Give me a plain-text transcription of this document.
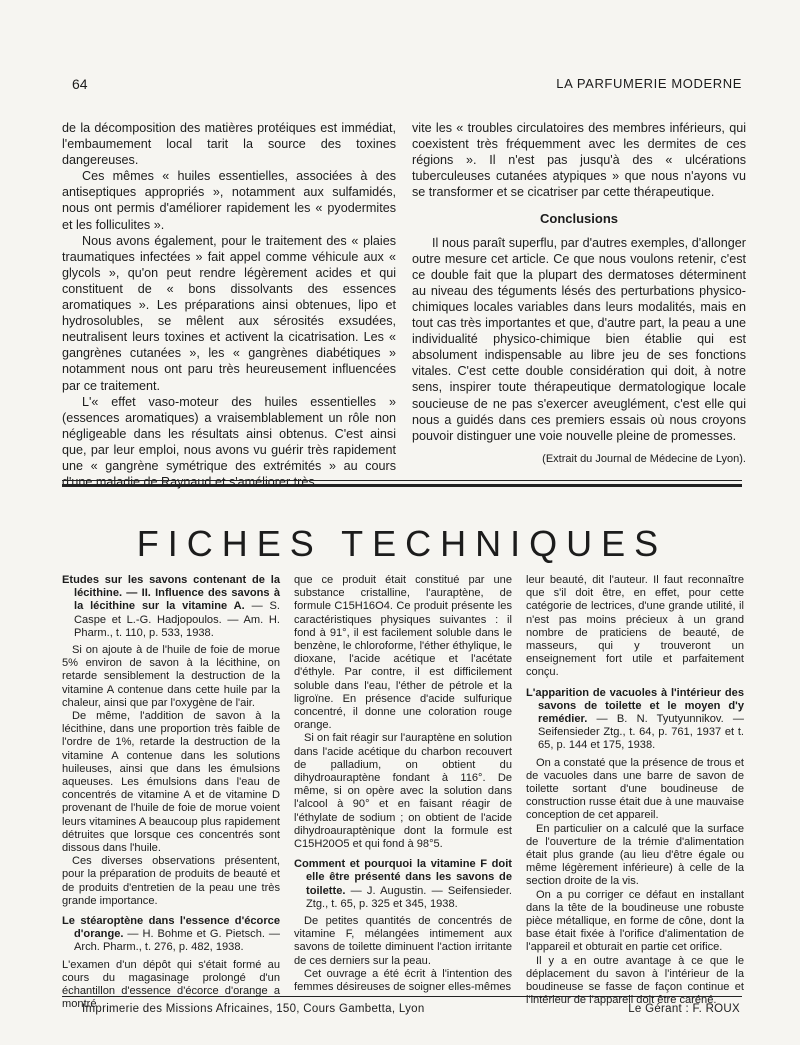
64	LA PARFUMERIE MODERNE

de la décomposition des matières protéiques est immédiat, l'embaumement local tarit la source des toxines dangereuses.

Ces mêmes « huiles essentielles, associées à des antiseptiques appropriés », notamment aux sulfamidés, nous ont permis d'améliorer rapidement les « pyodermites et les folliculites ».

Nous avons également, pour le traitement des « plaies traumatiques infectées » fait appel comme véhicule aux « glycols », qu'on peut rendre légèrement acides et qui constituent de « bons dissolvants des essences aromatiques ». Les préparations ainsi obtenues, lipo et hydrosolubles, se mêlent aux sérosités exsudées, neutralisent leurs toxines et activent la cicatrisation. Les « gangrènes cutanées », les « gangrènes diabétiques » notamment nous ont paru très heureusement influencées par ce traitement.

L'« effet vaso-moteur des huiles essentielles » (essences aromatiques) a vraisemblablement un rôle non négligeable dans les résultats ainsi obtenus. C'est ainsi que, par leur emploi, nous avons vu guérir très rapidement une « gangrène symétrique des extrémités » au cours d'une maladie de Raynaud et s'améliorer très

vite les « troubles circulatoires des membres inférieurs, qui coexistent très fréquemment avec les dermites de ces régions ». Il n'est pas jusqu'à des « ulcérations tuberculeuses cutanées atypiques » que nous n'ayons vu se transformer et se cicatriser par cette thérapeutique.

Conclusions

Il nous paraît superflu, par d'autres exemples, d'allonger outre mesure cet article. Ce que nous voulons retenir, c'est ce double fait que la plupart des dermatoses déterminent au niveau des téguments lésés des perturbations physico-chimiques locales variables dans leurs modalités, mais en tout cas très importantes et que, d'autre part, la peau a une individualité physico-chimique bien établie qui est absolument indispensable au libre jeu de ses fonctions vitales. C'est cette double considération qui doit, à notre sens, inspirer toute thérapeutique dermatologique locale soucieuse de ne pas s'exercer aveuglément, c'est elle qui nous a guidés dans ces premiers essais où nous croyons pouvoir distinguer une voie nouvelle pleine de promesses.

(Extrait du Journal de Médecine de Lyon).

FICHES TECHNIQUES
Etudes sur les savons contenant de la lécithine. — II. Influence des savons à la lécithine sur la vitamine A. — S. Caspe et L.-G. Hadjopoulos. — Am. H. Pharm., t. 110, p. 533, 1938.

Si on ajoute à de l'huile de foie de morue 5% environ de savon à la lécithine, on retarde sensiblement la destruction de la vitamine A contenue dans cette huile par la chaleur, ainsi que par l'oxygène de l'air.

De même, l'addition de savon à la lécithine, dans une proportion très faible de l'ordre de 1%, retarde la destruction de la vitamine A contenue dans les solutions huileuses, ainsi que dans les émulsions aqueuses. Les émulsions dans l'eau de concentrés de vitamine A et de vitamine D provenant de l'huile de foie de morue voient leurs vitamines A beaucoup plus rapidement détruites que lorsque ces concentrés sont dissous dans l'huile.

Ces diverses observations présentent, pour la préparation de produits de beauté et de produits d'entretien de la peau une très grande importance.

Le stéaroptène dans l'essence d'écorce d'orange. — H. Bohme et G. Pietsch. — Arch. Pharm., t. 276, p. 482, 1938.

L'examen d'un dépôt qui s'était formé au cours du magasinage prolongé d'un échantillon d'essence d'écorce d'orange a montré

que ce produit était constitué par une substance cristalline, l'auraptène, de formule C15H16O4. Ce produit présente les caractéristiques physiques suivantes : il fond à 91°, il est facilement soluble dans le benzène, le chloroforme, l'éther éthylique, le dioxane, l'acide acétique et l'acétate d'éthyle. Par contre, il est difficilement soluble dans l'eau, l'éther de pétrole et la ligroïne. En présence d'acide sulfurique concentré, il donne une coloration rouge orange.

Si on fait réagir sur l'auraptène en solution dans l'acide acétique du charbon recouvert de palladium, on obtient du dihydroauraptène fondant à 116°. De même, si on opère avec la solution dans l'alcool à 90° et en faisant réagir de l'éthylate de sodium ; on obtient de l'acide dihydroauraptènique dont la formule est C15H20O5 et qui fond à 98°5.

Comment et pourquoi la vitamine F doit elle être présenté dans les savons de toilette. — J. Augustin. — Seifensieder. Ztg., t. 65, p. 325 et 345, 1938.

De petites quantités de concentrés de vitamine F, mélangées intimement aux savons de toilette diminuent l'action irritante de ces derniers sur la peau.

Cet ouvrage a été écrit à l'intention des femmes désireuses de soigner elles-mêmes

leur beauté, dit l'auteur. Il faut reconnaître que s'il doit être, en effet, pour cette catégorie de lectrices, d'une grande utilité, il n'est pas moins précieux à un grand nombre de praticiens de beauté, de masseurs, qui y trouveront un enseignement fort utile et parfaitement conçu.

L'apparition de vacuoles à l'intérieur des savons de toilette et le moyen d'y remédier. — B. N. Tyutyunnikov. — Seifensieder Ztg., t. 64, p. 761, 1937 et t. 65, p. 144 et 175, 1938.

On a constaté que la présence de trous et de vacuoles dans une barre de savon de toilette sortant d'une boudineuse de construction russe était due à une mauvaise conception de cet appareil.

En particulier on a calculé que la surface de l'ouverture de la trémie d'alimentation était plus grande (au lieu d'être égale ou même légèrement inférieure) à celle de la section droite de la vis.

On a pu corriger ce défaut en installant dans la tête de la boudineuse une robuste pièce métallique, en forme de cône, dont la base était fixée à l'orifice d'alimentation de l'appareil et obturait en partie cet orifice.

Il y a en outre avantage à ce que le déplacement du savon à l'intérieur de la boudineuse se fasse de façon continue et l'intérieur de l'appareil doit être caréné.

Imprimerie des Missions Africaines, 150, Cours Gambetta, Lyon	Le Gérant : F. ROUX
